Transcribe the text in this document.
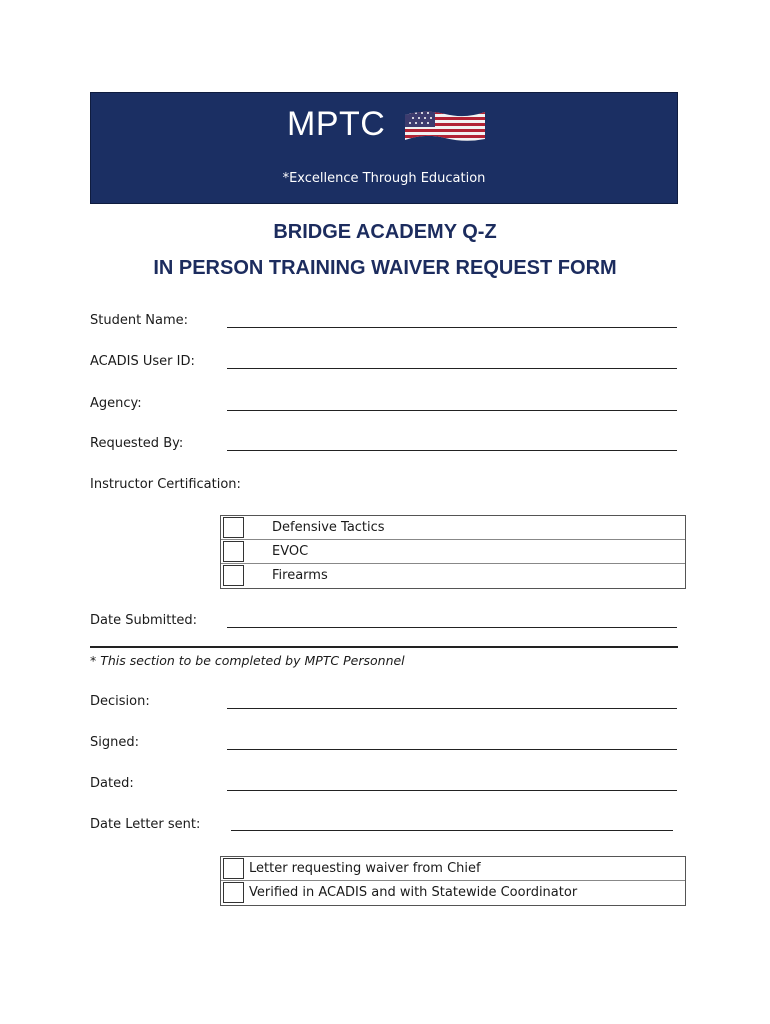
MPTC
*Excellence Through Education
BRIDGE ACADEMY Q-Z
IN PERSON TRAINING WAIVER REQUEST FORM
Student Name:
ACADIS User ID:
Agency:
Requested By:
Instructor Certification:
Defensive Tactics
EVOC
Firearms
Date Submitted:
* This section to be completed by MPTC Personnel
Decision:
Signed:
Dated:
Date Letter sent:
Letter requesting waiver from Chief
Verified in ACADIS and with Statewide Coordinator
